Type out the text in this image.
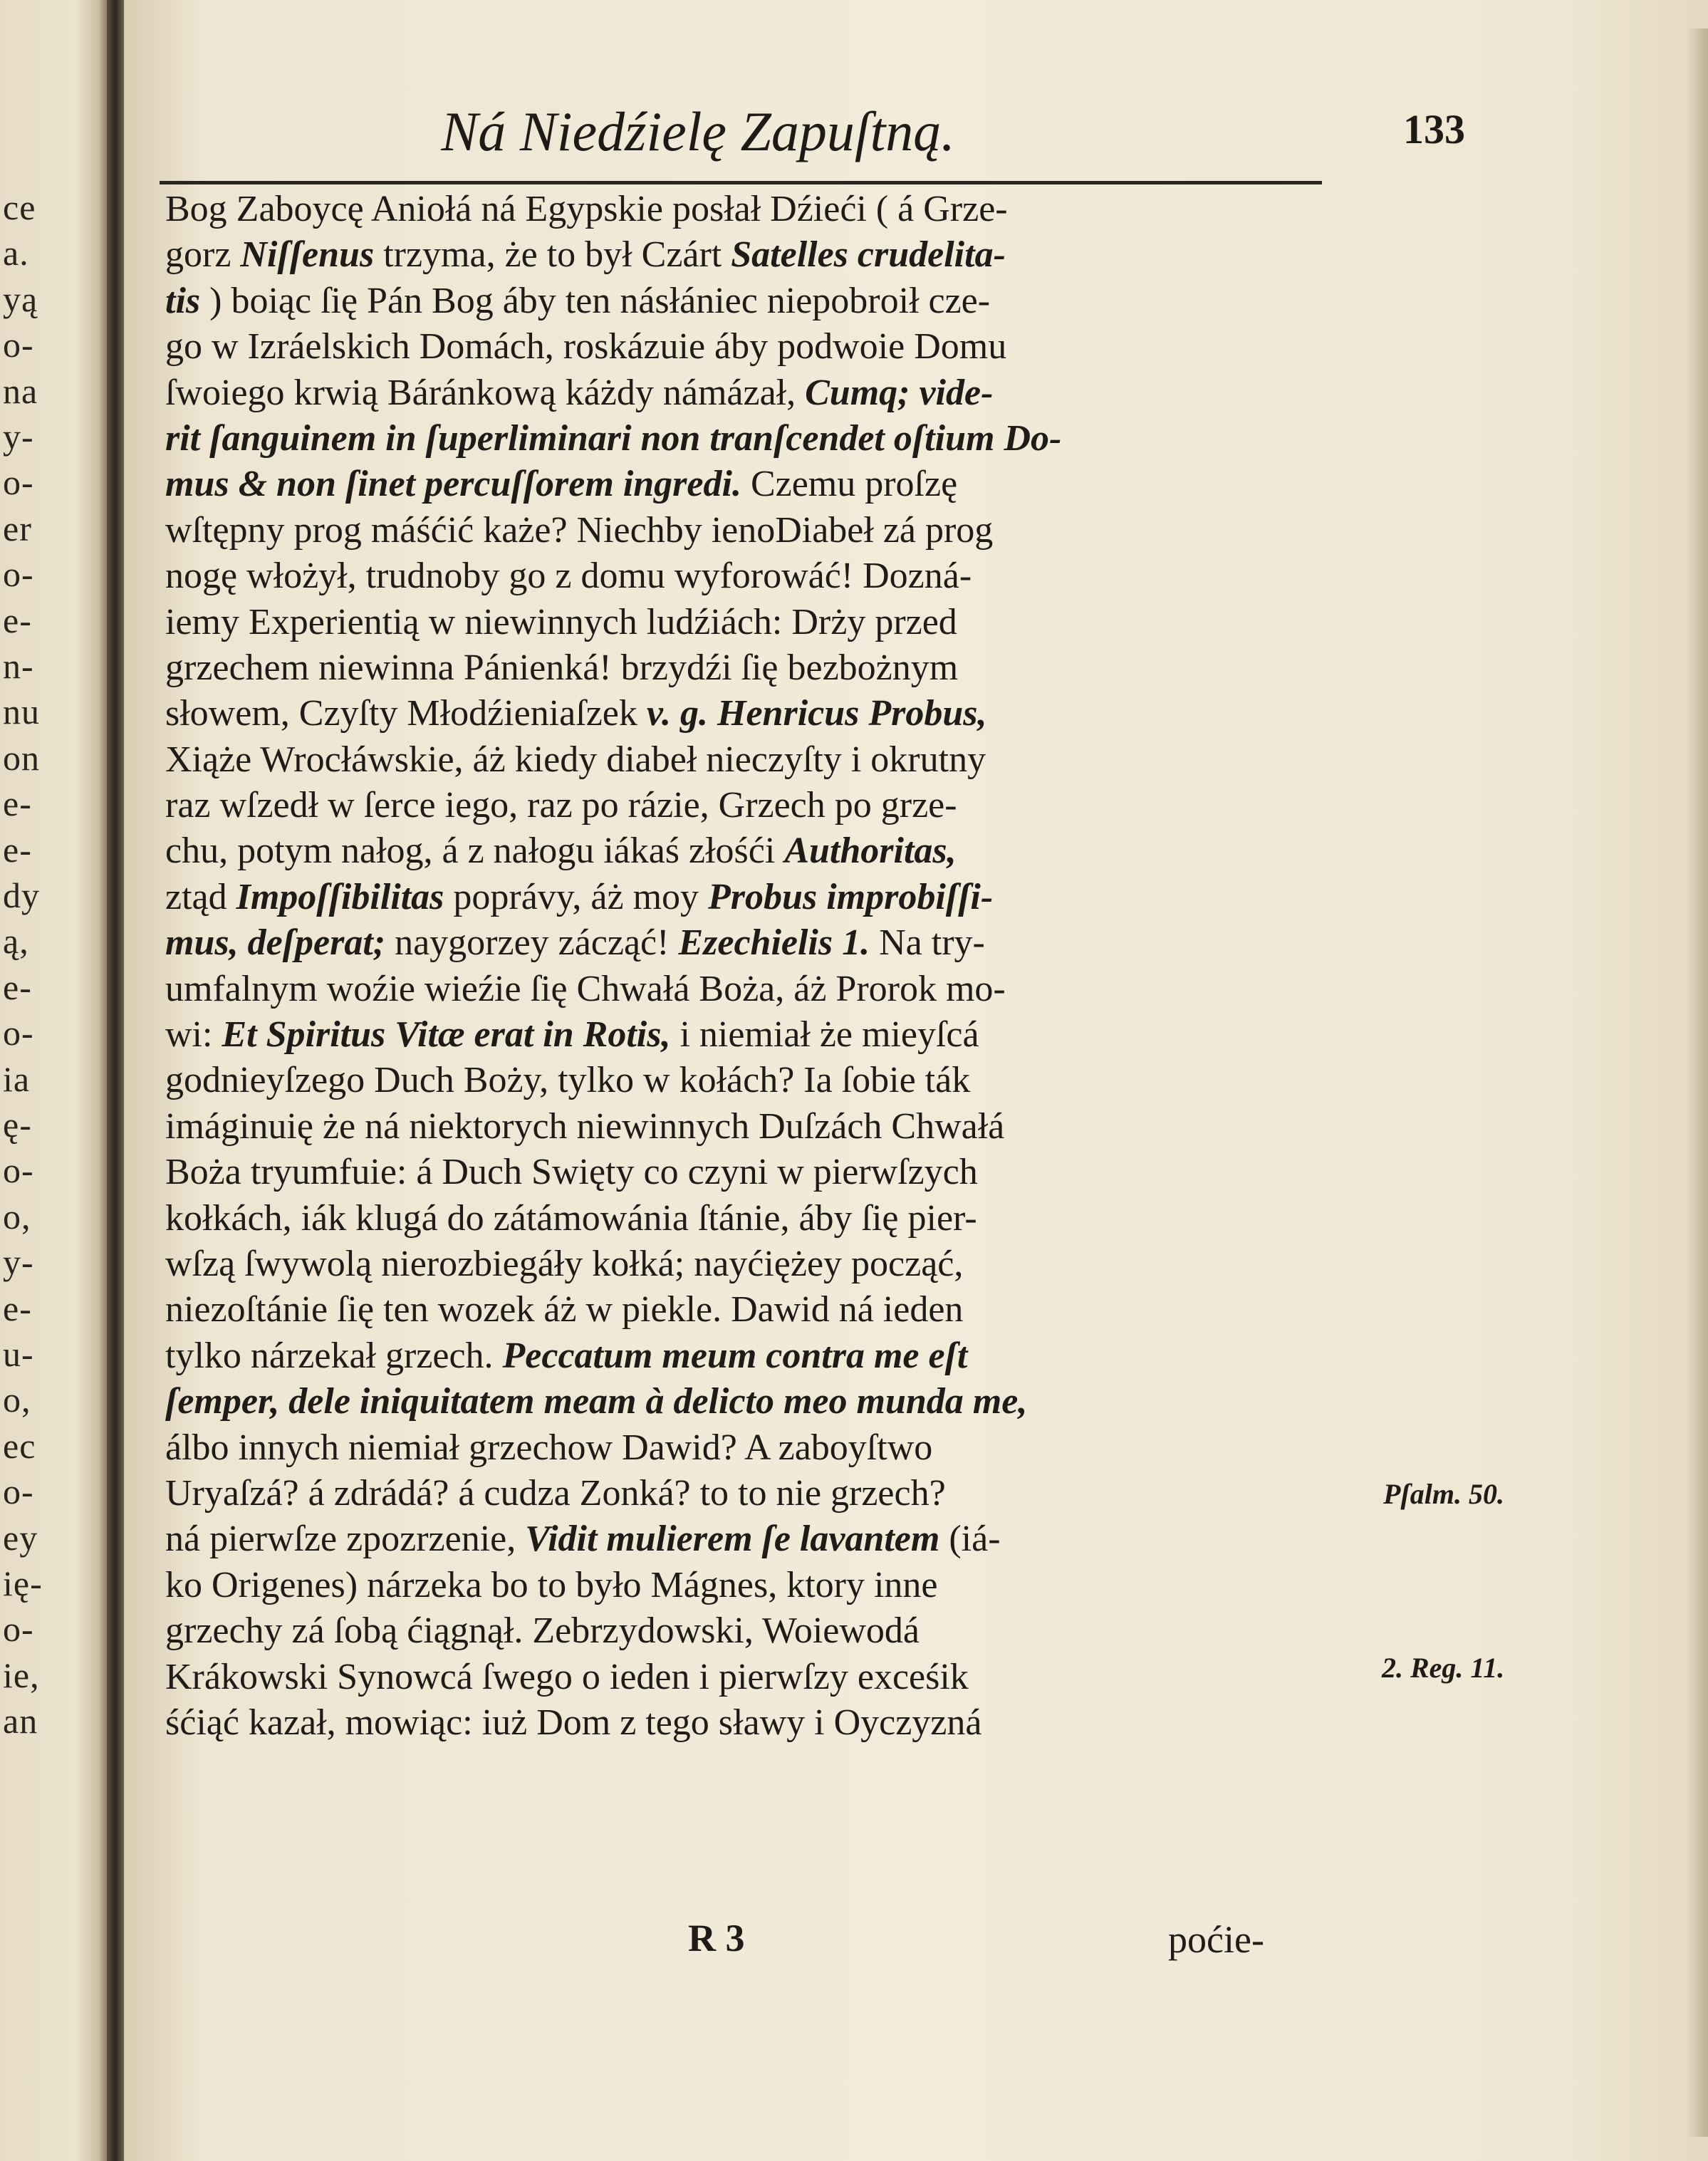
ce
a.
yą
o-
na
y-
o-
er
o-
e-
n-
nu
on
e-
e-
dy
ą,
e-
o-
ia
ę-
o-
o,
y-
e-
u-
o,
ec
o-
ey
ię-
o-
ie,
an
Ná Niedźielę Zapuſtną.	133
Bog Zaboycę Aniołá ná Egypskie posłał Dźieći ( á Grze-
gorz Niſſenus trzyma, że to był Czárt Satelles crudelita-
tis ) boiąc ſię Pán Bog áby ten násłániec niepobroił cze-
go w Izráelskich Domách, roskázuie áby podwoie Domu
ſwoiego krwią Báránkową káżdy námázał, Cumq; vide-
rit ſanguinem in ſuperliminari non tranſcendet oſtium Do-
mus & non ſinet percuſſorem ingredi. Czemu proſzę
wſtępny prog máśćić każe? Niechby ienoDiabeł zá prog
nogę włożył, trudnoby go z domu wyforowáć! Dozná-
iemy Experientią w niewinnych ludźiách: Drży przed
grzechem niewinna Pánienká! brzydźi ſię bezbożnym
słowem, Czyſty Młodźieniaſzek v. g. Henricus Probus,
Xiąże Wrocłáwskie, áż kiedy diabeł nieczyſty i okrutny
raz wſzedł w ſerce iego, raz po rázie, Grzech po grze-
chu, potym nałog, á z nałogu iákaś złośći Authoritas,
ztąd Impoſſibilitas poprávy, áż moy Probus improbiſſi-
mus, deſperat; naygorzey zácząć! Ezechielis 1. Na try-
umfalnym woźie wieźie ſię Chwałá Boża, áż Prorok mo-
wi: Et Spiritus Vitæ erat in Rotis, i niemiał że mieyſcá
godnieyſzego Duch Boży, tylko w kołách? Ia ſobie ták
imáginuię że ná niektorych niewinnych Duſzách Chwałá
Boża tryumfuie: á Duch Swięty co czyni w pierwſzych
kołkách, iák klugá do zátámowánia ſtánie, áby ſię pier-
wſzą ſwywolą nierozbiegáły kołká; nayćiężey począć,
niezoſtánie ſię ten wozek áż w piekle. Dawid ná ieden
tylko nárzekał grzech. Peccatum meum contra me eſt
ſemper, dele iniquitatem meam à delicto meo munda me,
álbo innych niemiał grzechow Dawid? A zaboyſtwo
Uryaſzá? á zdrádá? á cudza Zonká? to to nie grzech?
ná pierwſze zpozrzenie, Vidit mulierem ſe lavantem (iá-
ko Origenes) nárzeka bo to było Mágnes, ktory inne
grzechy zá ſobą ćiągnął. Zebrzydowski, Woiewodá
Krákowski Synowcá ſwego o ieden i pierwſzy exceśik
śćiąć kazał, mowiąc: iuż Dom z tego sławy i Oyczyzná
Pſalm. 50.
2. Reg. 11.
R 3	poćie-
